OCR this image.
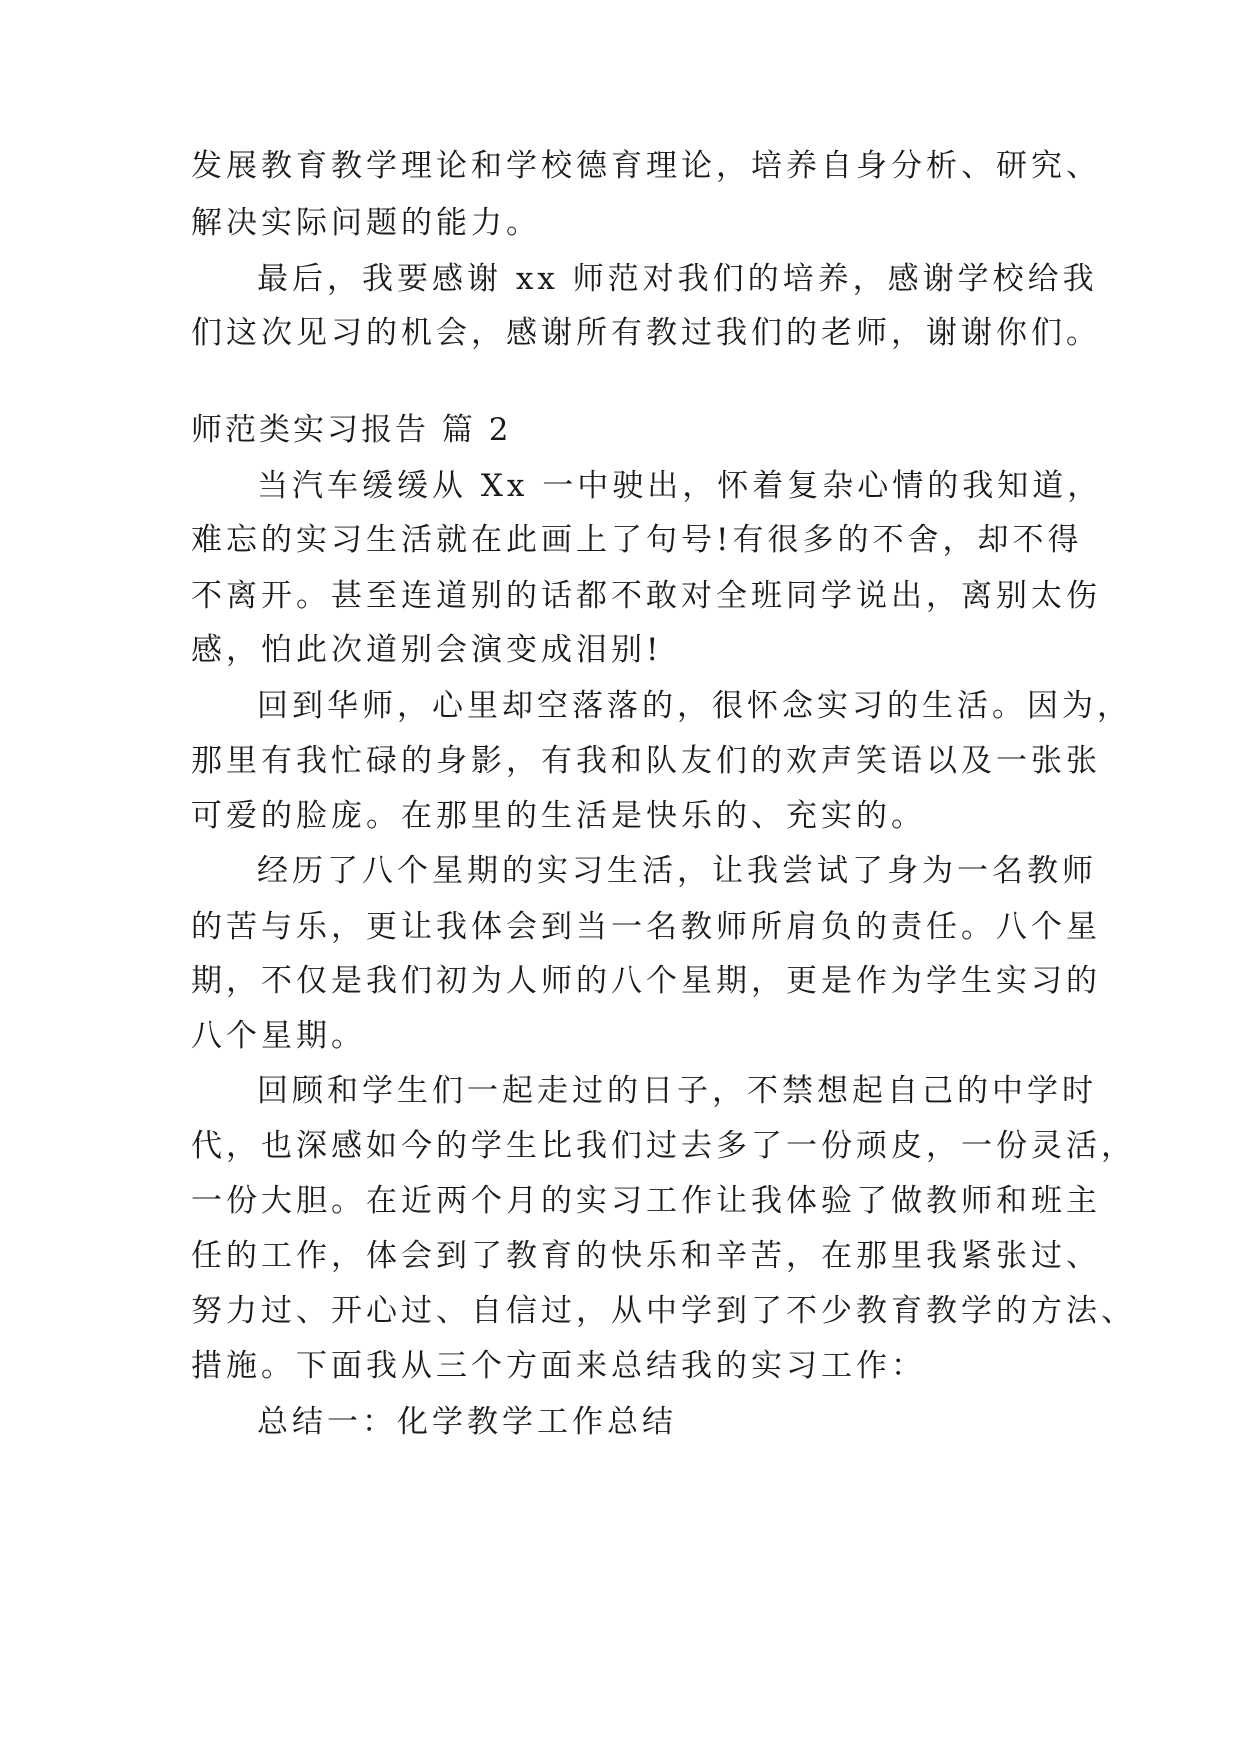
发展教育教学理论和学校德育理论，培养自身分析、研究、
解决实际问题的能力。
最后，我要感谢 xx 师范对我们的培养，感谢学校给我
们这次见习的机会，感谢所有教过我们的老师，谢谢你们。
师范类实习报告 篇 2
当汽车缓缓从 Xx 一中驶出，怀着复杂心情的我知道，
难忘的实习生活就在此画上了句号!有很多的不舍，却不得
不离开。甚至连道别的话都不敢对全班同学说出，离别太伤
感，怕此次道别会演变成泪别!
回到华师，心里却空落落的，很怀念实习的生活。因为，
那里有我忙碌的身影，有我和队友们的欢声笑语以及一张张
可爱的脸庞。在那里的生活是快乐的、充实的。
经历了八个星期的实习生活，让我尝试了身为一名教师
的苦与乐，更让我体会到当一名教师所肩负的责任。八个星
期，不仅是我们初为人师的八个星期，更是作为学生实习的
八个星期。
回顾和学生们一起走过的日子，不禁想起自己的中学时
代，也深感如今的学生比我们过去多了一份顽皮，一份灵活，
一份大胆。在近两个月的实习工作让我体验了做教师和班主
任的工作，体会到了教育的快乐和辛苦，在那里我紧张过、
努力过、开心过、自信过，从中学到了不少教育教学的方法、
措施。下面我从三个方面来总结我的实习工作：
总结一：化学教学工作总结
